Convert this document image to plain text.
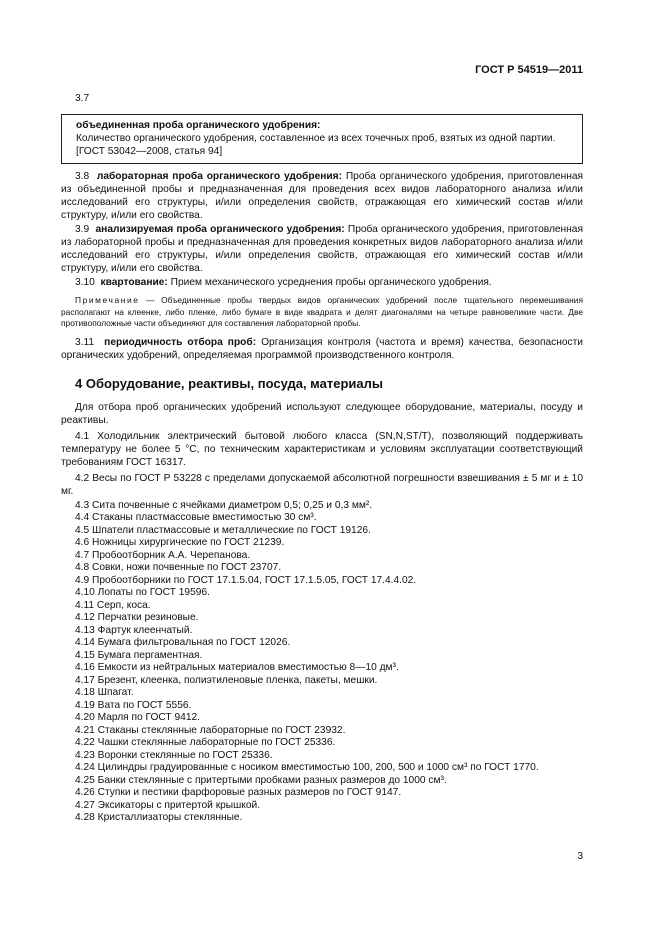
ГОСТ Р 54519—2011
3.7
объединенная проба органического удобрения:
Количество органического удобрения, составленное из всех точечных проб, взятых из одной партии.
[ГОСТ 53042—2008, статья 94]

3.8 лабораторная проба органического удобрения: Проба органического удобрения, приготовленная из объединенной пробы и предназначенная для проведения всех видов лабораторного анализа и/или исследований его структуры, и/или определения свойств, отражающая его химический состав и/или структуру, и/или его свойства.

3.9 анализируемая проба органического удобрения: Проба органического удобрения, приготовленная из лабораторной пробы и предназначенная для проведения конкретных видов лабораторного анализа и/или исследований его структуры, и/или определения свойств, отражающая его химический состав и/или структуру, и/или его свойства.

3.10 квартование: Прием механического усреднения пробы органического удобрения.

Примечание — Объединенные пробы твердых видов органических удобрений после тщательного перемешивания располагают на клеенке, либо пленке, либо бумаге в виде квадрата и делят диагоналями на четыре равновеликие части. Две противоположные части объединяют для составления лабораторной пробы.

3.11 периодичность отбора проб: Организация контроля (частота и время) качества, безопасности органических удобрений, определяемая программой производственного контроля.

4 Оборудование, реактивы, посуда, материалы

Для отбора проб органических удобрений используют следующее оборудование, материалы, посуду и реактивы.

4.1 Холодильник электрический бытовой любого класса (SN,N,ST/T), позволяющий поддерживать температуру не более 5 °С, по техническим характеристикам и условиям эксплуатации соответствующий требованиям ГОСТ 16317.

4.2 Весы по ГОСТ Р 53228 с пределами допускаемой абсолютной погрешности взвешивания ± 5 мг и ± 10 мг.

4.3 Сита почвенные с ячейками диаметром 0,5; 0,25 и 0,3 мм².
4.4 Стаканы пластмассовые вместимостью 30 см³.
4.5 Шпатели пластмассовые и металлические по ГОСТ 19126.
4.6 Ножницы хирургические по ГОСТ 21239.
4.7 Пробоотборник А.А. Черепанова.
4.8 Совки, ножи почвенные по ГОСТ 23707.
4.9 Пробоотборники по ГОСТ 17.1.5.04, ГОСТ 17.1.5.05, ГОСТ 17.4.4.02.
4.10 Лопаты по ГОСТ 19596.
4.11 Серп, коса.
4.12 Перчатки резиновые.
4.13 Фартук клеенчатый.
4.14 Бумага фильтровальная по ГОСТ 12026.
4.15 Бумага пергаментная.
4.16 Емкости из нейтральных материалов вместимостью 8—10 дм³.
4.17 Брезент, клеенка, полиэтиленовые пленка, пакеты, мешки.
4.18 Шпагат.
4.19 Вата по ГОСТ 5556.
4.20 Марля по ГОСТ 9412.
4.21 Стаканы стеклянные лабораторные по ГОСТ 23932.
4.22 Чашки стеклянные лабораторные по ГОСТ 25336.
4.23 Воронки стеклянные по ГОСТ 25336.
4.24 Цилиндры градуированные с носиком вместимостью 100, 200, 500 и 1000 см³ по ГОСТ 1770.
4.25 Банки стеклянные с притертыми пробками разных размеров до 1000 см³.
4.26 Ступки и пестики фарфоровые разных размеров по ГОСТ 9147.
4.27 Эксикаторы с притертой крышкой.
4.28 Кристаллизаторы стеклянные.
3
